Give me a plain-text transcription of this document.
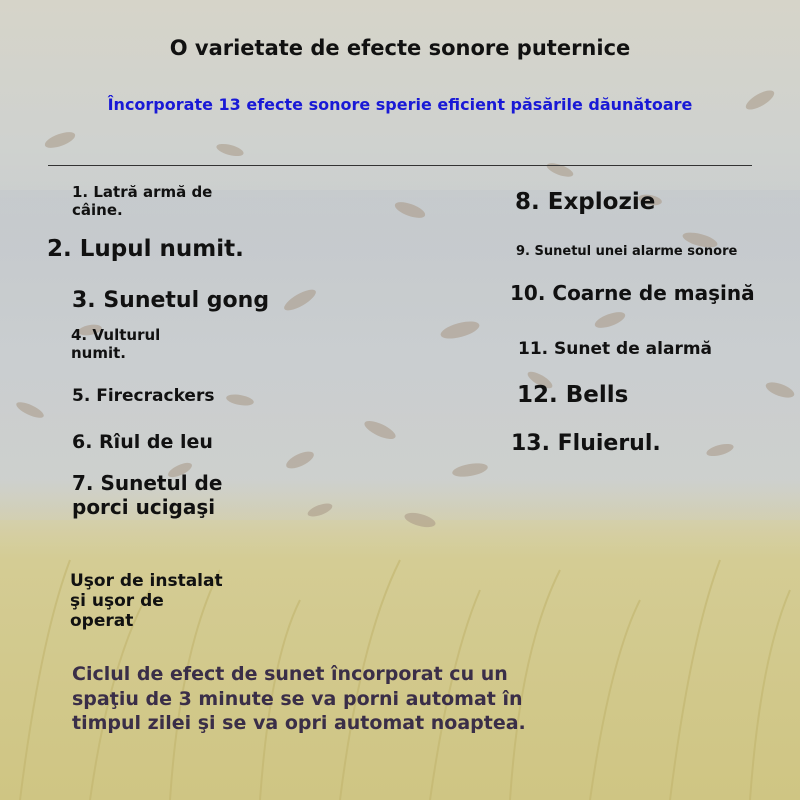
O varietate de efecte sonore puternice
Încorporate 13 efecte sonore sperie eficient păsările dăunătoare
1. Latră armă de câine.
2. Lupul numit.
3. Sunetul gong
4. Vulturul numit.
5. Firecrackers
6. Rîul de leu
7. Sunetul de porci ucigaşi
8. Explozie
9. Sunetul unei alarme sonore
10. Coarne de maşină
11. Sunet de alarmă
12. Bells
13. Fluierul.
Uşor de instalat şi uşor de operat
Ciclul de efect de sunet încorporat cu un spaţiu de 3 minute se va porni automat în timpul zilei şi se va opri automat noaptea.
